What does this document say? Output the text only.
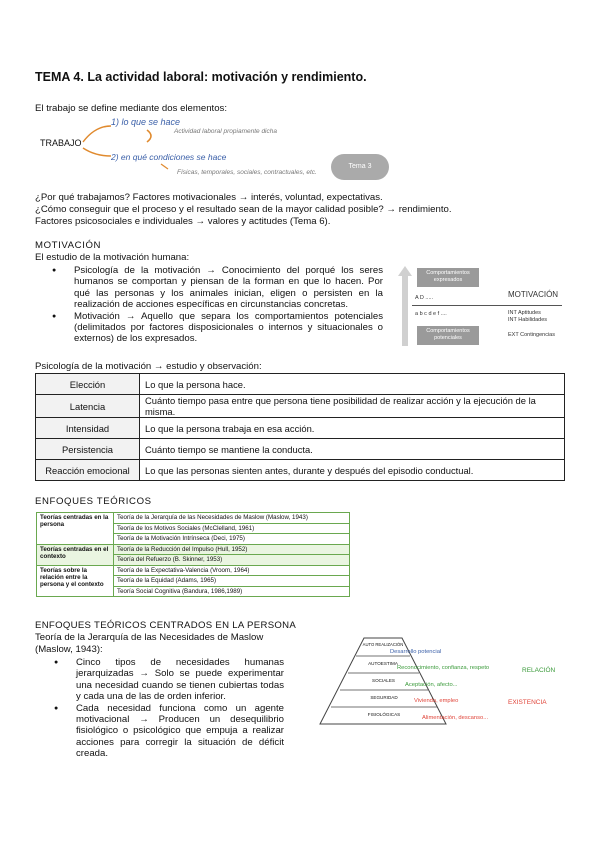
TEMA 4. La actividad laboral: motivación y rendimiento.
El trabajo se define mediante dos elementos:
TRABAJO
1) lo que se hace
Actividad laboral propiamente dicha
2) en qué condiciones se hace
Físicas, temporales, sociales, contractuales, etc.
Tema 3
¿Por qué trabajamos? Factores motivacionales → interés, voluntad, expectativas.
¿Cómo conseguir que el proceso y el resultado sean de la mayor calidad posible? → rendimiento.
Factores psicosociales e individuales → valores y actitudes (Tema 6).
MOTIVACIÓN
El estudio de la motivación humana:
● Psicología de la motivación → Conocimiento del porqué los seres humanos se comportan y piensan de la forman en que lo hacen. Por qué las personas y los animales inician, eligen o persisten en la realización de acciones específicas en circunstancias concretas.
● Motivación → Aquello que separa los comportamientos potenciales (delimitados por factores disposicionales o internos y situacionales o externos) de los expresados.
Comportamientos expresados
A D .....	MOTIVACIÓN
a b c d e f ....	INT Aptitudes
INT Habilidades
Comportamientos potenciales	EXT Contingencias
Psicología de la motivación → estudio y observación:
Elección	Lo que la persona hace.
Latencia	Cuánto tiempo pasa entre que persona tiene posibilidad de realizar acción y la ejecución de la misma.
Intensidad	Lo que la persona trabaja en esa acción.
Persistencia	Cuánto tiempo se mantiene la conducta.
Reacción emocional	Lo que las personas sienten antes, durante y después del episodio conductual.
ENFOQUES TEÓRICOS
Teorías centradas en la persona	Teoría de la Jerarquía de las Necesidades de Maslow (Maslow, 1943)
	Teoría de los Motivos Sociales (McClelland, 1961)
	Teoría de la Motivación Intrínseca (Deci, 1975)
Teorías centradas en el contexto	Teoría de la Reducción del Impulso (Hull, 1952)
	Teoría del Refuerzo (B. Skinner, 1953)
Teorías sobre la relación entre la persona y el contexto	Teoría de la Expectativa-Valencia (Vroom, 1964)
	Teoría de la Equidad (Adams, 1965)
	Teoría Social Cognitiva (Bandura, 1986,1989)
ENFOQUES TEÓRICOS CENTRADOS EN LA PERSONA
Teoría de la Jerarquía de las Necesidades de Maslow (Maslow, 1943):
● Cinco tipos de necesidades humanas jerarquizadas → Solo se puede experimentar una necesidad cuando se tienen cubiertas todas y cada una de las de orden inferior.
● Cada necesidad funciona como un agente motivacional → Producen un desequilibrio fisiológico o psicológico que empuja a realizar acciones para corregir la situación de déficit creada.
AUTO REALIZACIÓN
AUTOESTIMA
SOCIALES
SEGURIDAD
FISIOLÓGICAS
Desarrollo potencial
Reconocimiento, confianza, respeto
Aceptación, afecto...
Vivienda, empleo
Alimentación, descanso...
RELACIÓN
EXISTENCIA
